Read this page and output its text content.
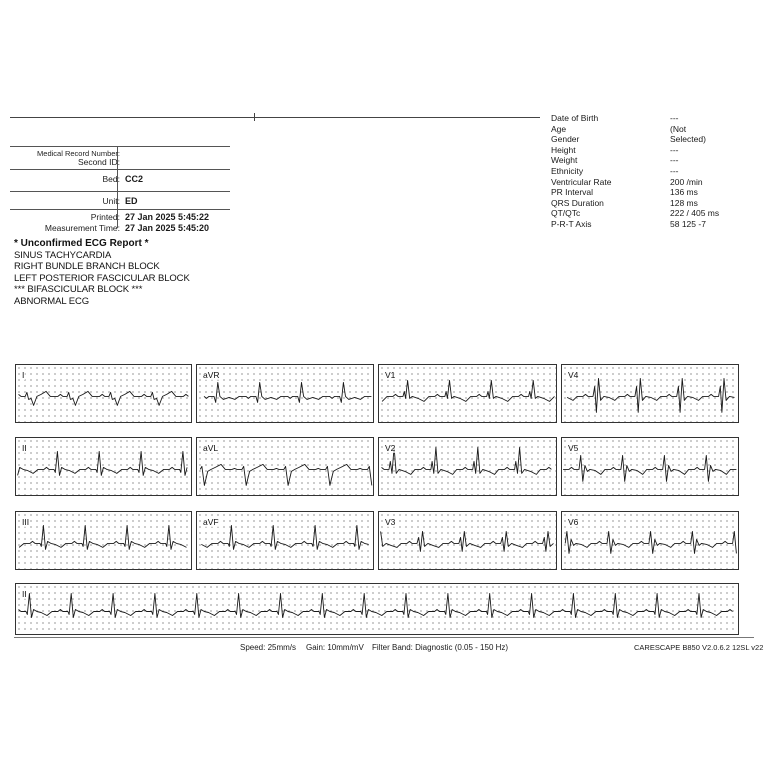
Medical Record Number:
Second ID:
Bed: CC2
Unit: ED
Printed: 27 Jan 2025 5:45:22
Measurement Time: 27 Jan 2025 5:45:20
* Unconfirmed ECG Report *
SINUS TACHYCARDIA
RIGHT BUNDLE BRANCH BLOCK
LEFT POSTERIOR FASCICULAR BLOCK
*** BIFASCICULAR BLOCK ***
ABNORMAL ECG
Date of Birth	---
Age	(Not
Gender	Selected)
Height	---
Weight	---
Ethnicity	---
Ventricular Rate	200 /min
PR Interval	136 ms
QRS Duration	128 ms
QT/QTc	222 / 405 ms
P-R-T Axis	58 125 -7
I	aVR	V1	V4
II	aVL	V2	V5
III	aVF	V3	V6
II
Speed: 25mm/s Gain: 10mm/mV Filter Band: Diagnostic (0.05 - 150 Hz)	CARESCAPE B850 V2.0.6.2 12SL v22
